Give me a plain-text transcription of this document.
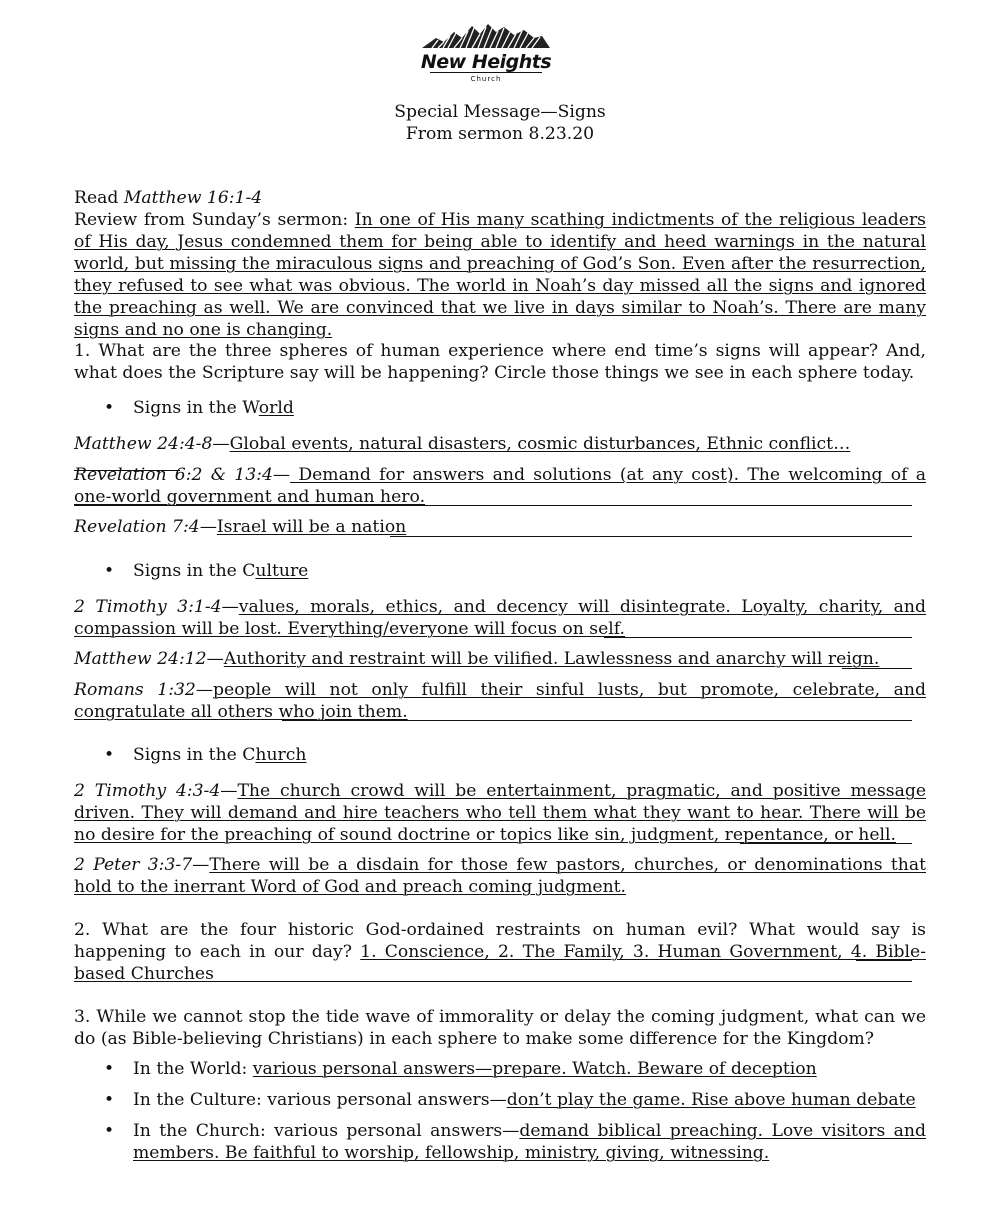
New Heights
Church
Special Message—Signs
From sermon 8.23.20
Read Matthew 16:1-4
Review from Sunday’s sermon: In one of His many scathing indictments of the religious leaders of His day, Jesus condemned them for being able to identify and heed warnings in the natural world, but missing the miraculous signs and preaching of God’s Son. Even after the resurrection, they refused to see what was obvious. The world in Noah’s day missed all the signs and ignored the preaching as well. We are convinced that we live in days similar to Noah’s. There are many signs and no one is changing.
1. What are the three spheres of human experience where end time’s signs will appear? And, what does the Scripture say will be happening? Circle those things we see in each sphere today.
• Signs in the World
Matthew 24:4-8—Global events, natural disasters, cosmic disturbances, Ethnic conflict…
Revelation 6:2 & 13:4— Demand for answers and solutions (at any cost). The welcoming of a one-world government and human hero.
Revelation 7:4—Israel will be a nation
• Signs in the Culture
2 Timothy 3:1-4—values, morals, ethics, and decency will disintegrate. Loyalty, charity, and compassion will be lost. Everything/everyone will focus on self.
Matthew 24:12—Authority and restraint will be vilified. Lawlessness and anarchy will reign.
Romans 1:32—people will not only fulfill their sinful lusts, but promote, celebrate, and congratulate all others who join them.
• Signs in the Church
2 Timothy 4:3-4—The church crowd will be entertainment, pragmatic, and positive message driven. They will demand and hire teachers who tell them what they want to hear. There will be no desire for the preaching of sound doctrine or topics like sin, judgment, repentance, or hell.
2 Peter 3:3-7—There will be a disdain for those few pastors, churches, or denominations that hold to the inerrant Word of God and preach coming judgment.
2. What are the four historic God-ordained restraints on human evil? What would say is happening to each in our day? 1. Conscience, 2. The Family, 3. Human Government, 4. Bible-based Churches
3. While we cannot stop the tide wave of immorality or delay the coming judgment, what can we do (as Bible-believing Christians) in each sphere to make some difference for the Kingdom?
• In the World: various personal answers—prepare. Watch. Beware of deception
• In the Culture: various personal answers—don’t play the game. Rise above human debate
• In the Church: various personal answers—demand biblical preaching. Love visitors and members. Be faithful to worship, fellowship, ministry, giving, witnessing.
